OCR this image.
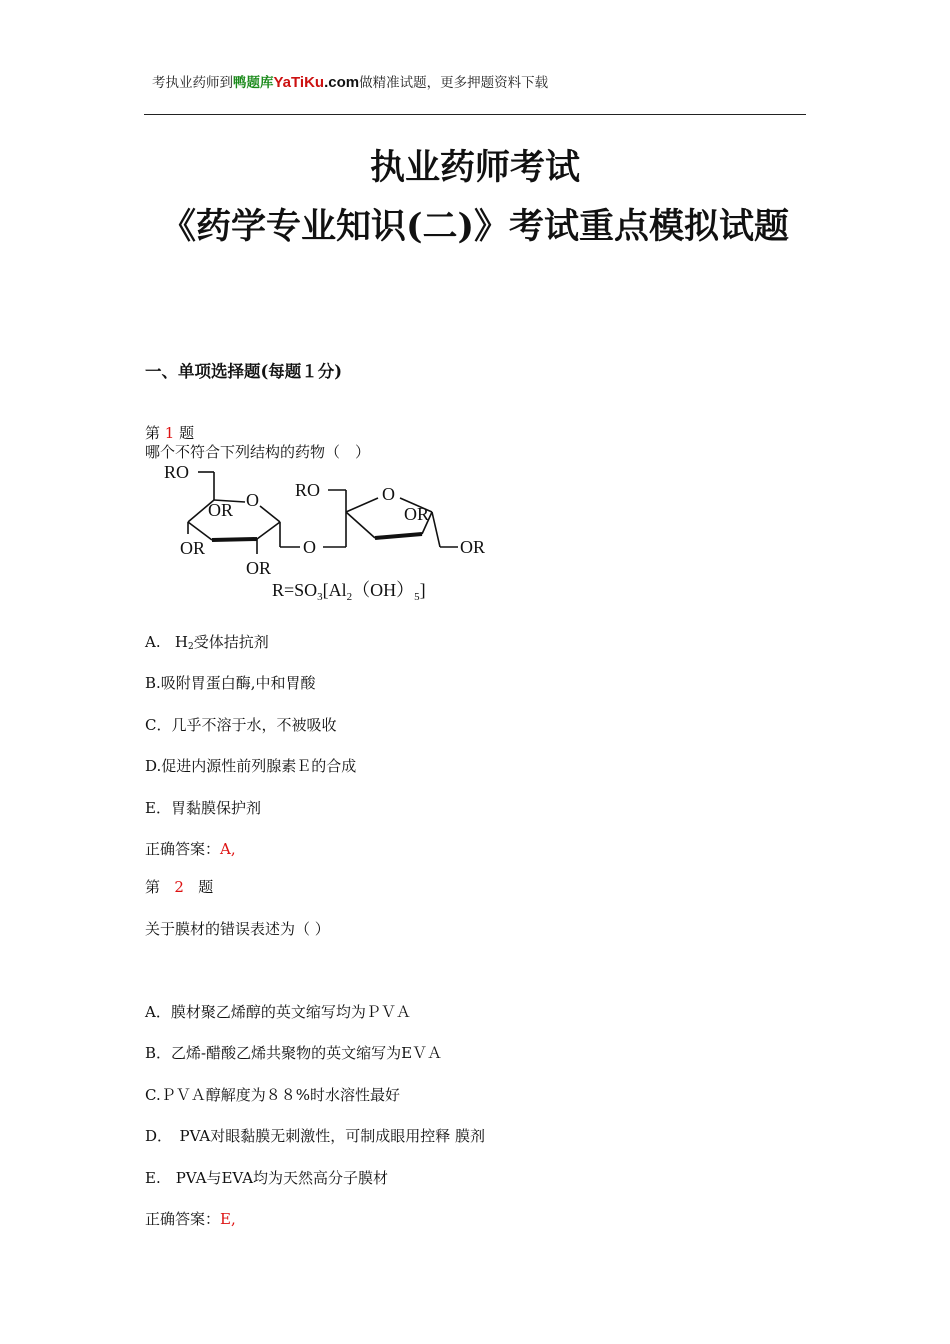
考执业药师到鸭题库YaTiKu.com做精准试题，更多押题资料下载
执业药师考试
《药学专业知识(二)》考试重点模拟试题
一、单项选择题(每题１分)
第 1 题
哪个不符合下列结构的药物（　）
RO
OR O
OR
OR
O
RO	O
OR
OR
$R=SO_3[Al_2(OH)_5]$
A. $H_2$受体拮抗剂
B.吸附胃蛋白酶,中和胃酸
C．几乎不溶于水，不被吸收
D.促进内源性前列腺素Ｅ的合成
E．胃黏膜保护剂
正确答案：A,
第 2 题
关于膜材的错误表述为（ ）
A．膜材聚乙烯醇的英文缩写均为ＰＶＡ
B．乙烯-醋酸乙烯共聚物的英文缩写为EＶＡ
C.ＰＶＡ醇解度为８８%时水溶性最好
D．　PVA对眼黏膜无刺激性，可制成眼用控释 膜剂
E.　PVA与EVA均为天然高分子膜材
正确答案：E,
